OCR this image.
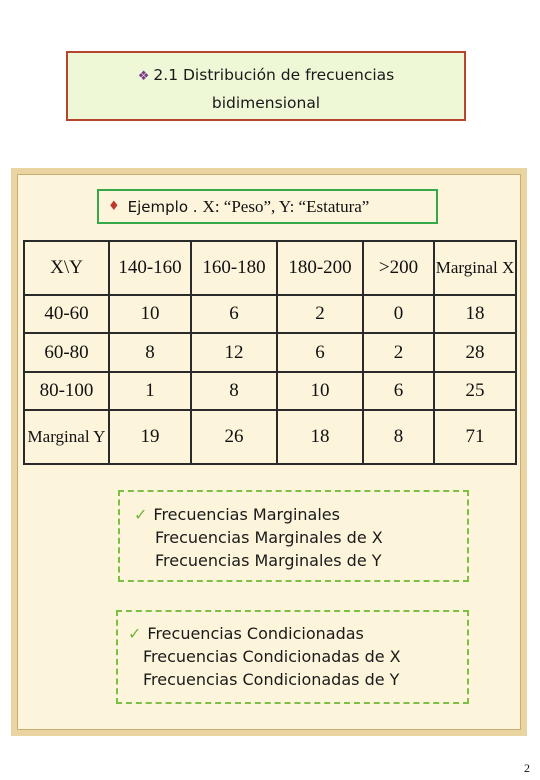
❖ 2.1 Distribución de frecuencias
bidimensional
♦ Ejemplo . X: “Peso”, Y: “Estatura”
X\Y	140-160	160-180	180-200	>200	Marginal X
40-60	10	6	2	0	18
60-80	8	12	6	2	28
80-100	1	8	10	6	25
Marginal Y	19	26	18	8	71
✓ Frecuencias Marginales
Frecuencias Marginales de X
Frecuencias Marginales de Y
✓ Frecuencias Condicionadas
Frecuencias Condicionadas de X
Frecuencias Condicionadas de Y
2
